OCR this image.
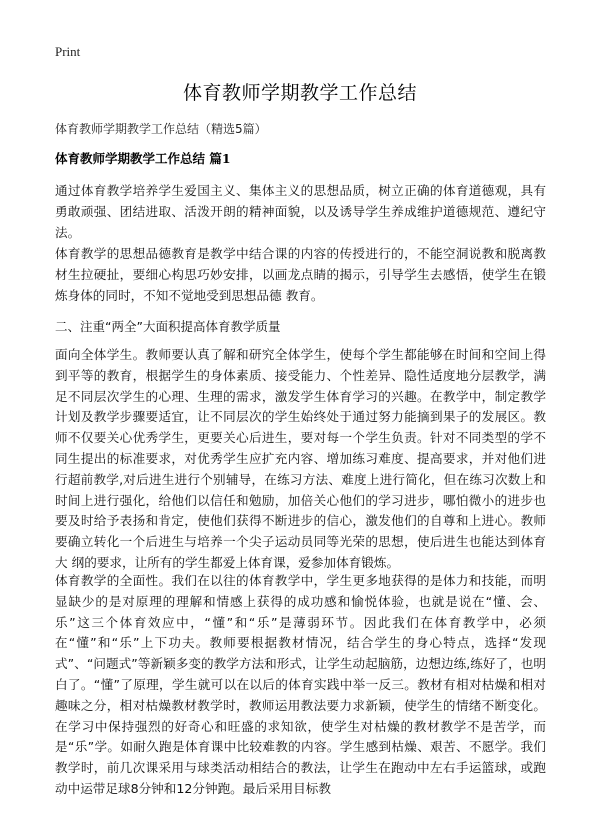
Print
体育教师学期教学工作总结
体育教师学期教学工作总结（精选5篇）
体育教师学期教学工作总结 篇1

通过体育教学培养学生爱国主义、集体主义的思想品质，树立正确的体育道德观，具有勇敢顽强、团结进取、活泼开朗的精神面貌，以及诱导学生养成维护道德规范、遵纪守法。

体育教学的思想品德教育是教学中结合课的内容的传授进行的，不能空洞说教和脱离教材生拉硬扯，要细心构思巧妙安排，以画龙点睛的揭示，引导学生去感悟，使学生在锻炼身体的同时，不知不觉地受到思想品德 教育。

二、注重“两全”大面积提高体育教学质量

面向全体学生。教师要认真了解和研究全体学生，使每个学生都能够在时间和空间上得到平等的教育，根据学生的身体素质、接受能力、个性差异、隐性适度地分层教学，满足不同层次学生的心理、生理的需求，激发学生体育学习的兴趣。在教学中，制定教学计划及教学步骤要适宜，让不同层次的学生始终处于通过努力能摘到果子的发展区。教师不仅要关心优秀学生，更要关心后进生，要对每一个学生负责。针对不同类型的学不同生提出的标准要求，对优秀学生应扩充内容、增加练习难度、提高要求，并对他们进行超前教学,对后进生进行个别辅导，在练习方法、难度上进行简化，但在练习次数上和时间上进行强化，给他们以信任和勉励，加倍关心他们的学习进步，哪怕微小的进步也要及时给予表扬和肯定，使他们获得不断进步的信心，激发他们的自尊和上进心。教师要确立转化一个后进生与培养一个尖子运动员同等光荣的思想，使后进生也能达到体育大 纲的要求，让所有的学生都爱上体育课，爱参加体育锻炼。

体育教学的全面性。我们在以往的体育教学中，学生更多地获得的是体力和技能，而明显缺少的是对原理的理解和情感上获得的成功感和愉悦体验，也就是说在“懂、会、乐”这三个体育效应中，“懂”和“乐”是薄弱环节。因此我们在体育教学中，必须在“懂”和“乐”上下功夫。教师要根据教材情况，结合学生的身心特点，选择“发现式”、“问题式”等新颖多变的教学方法和形式，让学生动起脑筋，边想边练,练好了，也明白了。“懂”了原理，学生就可以在以后的体育实践中举一反三。教材有相对枯燥和相对趣味之分，相对枯燥教材教学时，教师运用教法要力求新颖，使学生的情绪不断变化。在学习中保持强烈的好奇心和旺盛的求知欲，使学生对枯燥的教材教学不是苦学，而是“乐”学。如耐久跑是体育课中比较难教的内容。学生感到枯燥、艰苦、不愿学。我们教学时，前几次课采用与球类活动相结合的教法，让学生在跑动中左右手运篮球，或跑 动中运带足球8分钟和12分钟跑。最后采用目标教
